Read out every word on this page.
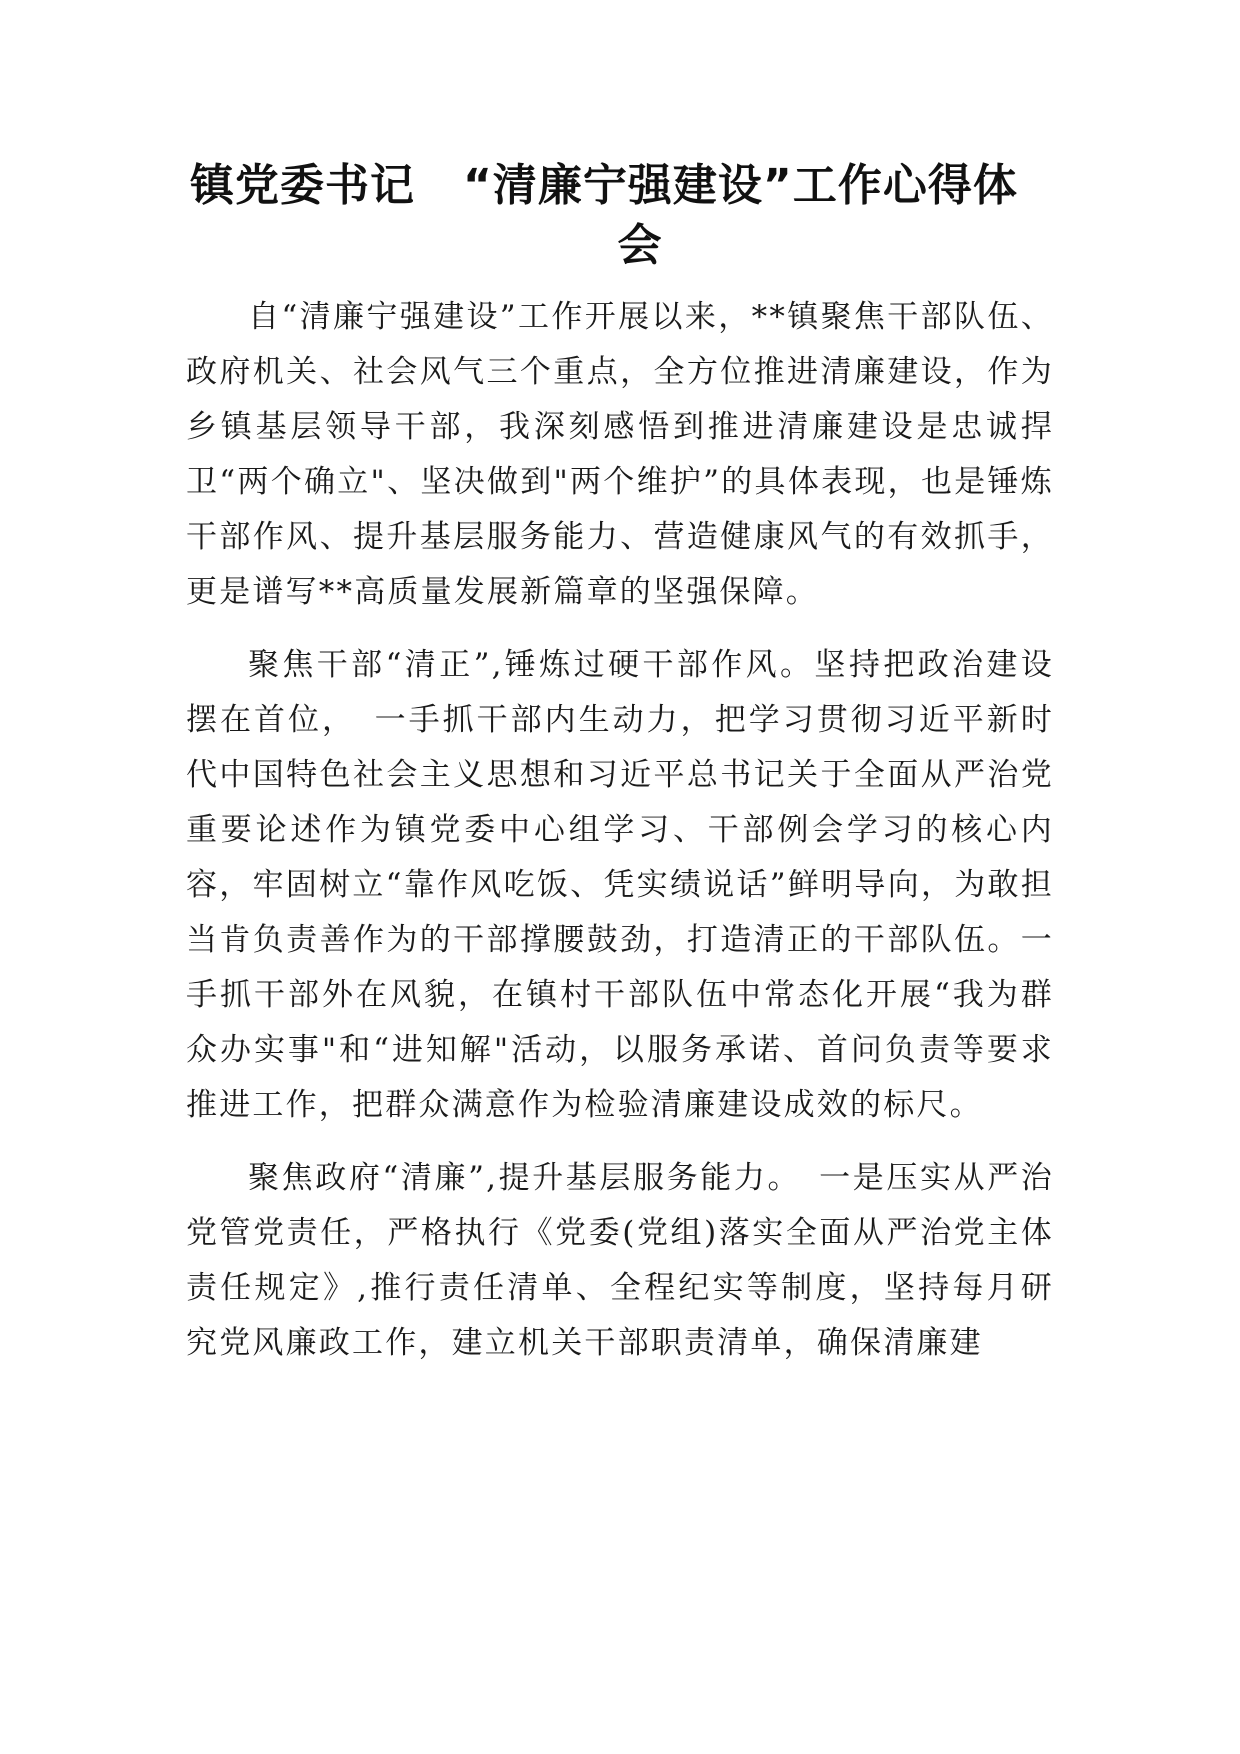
镇党委书记 “清廉宁强建设”工作心得体
会

自“清廉宁强建设”工作开展以来，**镇聚焦干部队伍、政府机关、社会风气三个重点，全方位推进清廉建设，作为乡镇基层领导干部，我深刻感悟到推进清廉建设是忠诚捍卫“两个确立"、坚决做到"两个维护”的具体表现，也是锤炼干部作风、提升基层服务能力、营造健康风气的有效抓手，更是谱写**高质量发展新篇章的坚强保障。

聚焦干部“清正”,锤炼过硬干部作风。坚持把政治建设摆在首位，　一手抓干部内生动力，把学习贯彻习近平新时代中国特色社会主义思想和习近平总书记关于全面从严治党重要论述作为镇党委中心组学习、干部例会学习的核心内容，牢固树立“靠作风吃饭、凭实绩说话”鲜明导向，为敢担当肯负责善作为的干部撑腰鼓劲，打造清正的干部队伍。一手抓干部外在风貌，在镇村干部队伍中常态化开展“我为群众办实事"和“进知解"活动，以服务承诺、首问负责等要求推进工作，把群众满意作为检验清廉建设成效的标尺。

聚焦政府“清廉”,提升基层服务能力。　一是压实从严治党管党责任，严格执行《党委(党组)落实全面从严治党主体责任规定》,推行责任清单、全程纪实等制度，坚持每月研究党风廉政工作，建立机关干部职责清单，确保清廉建
